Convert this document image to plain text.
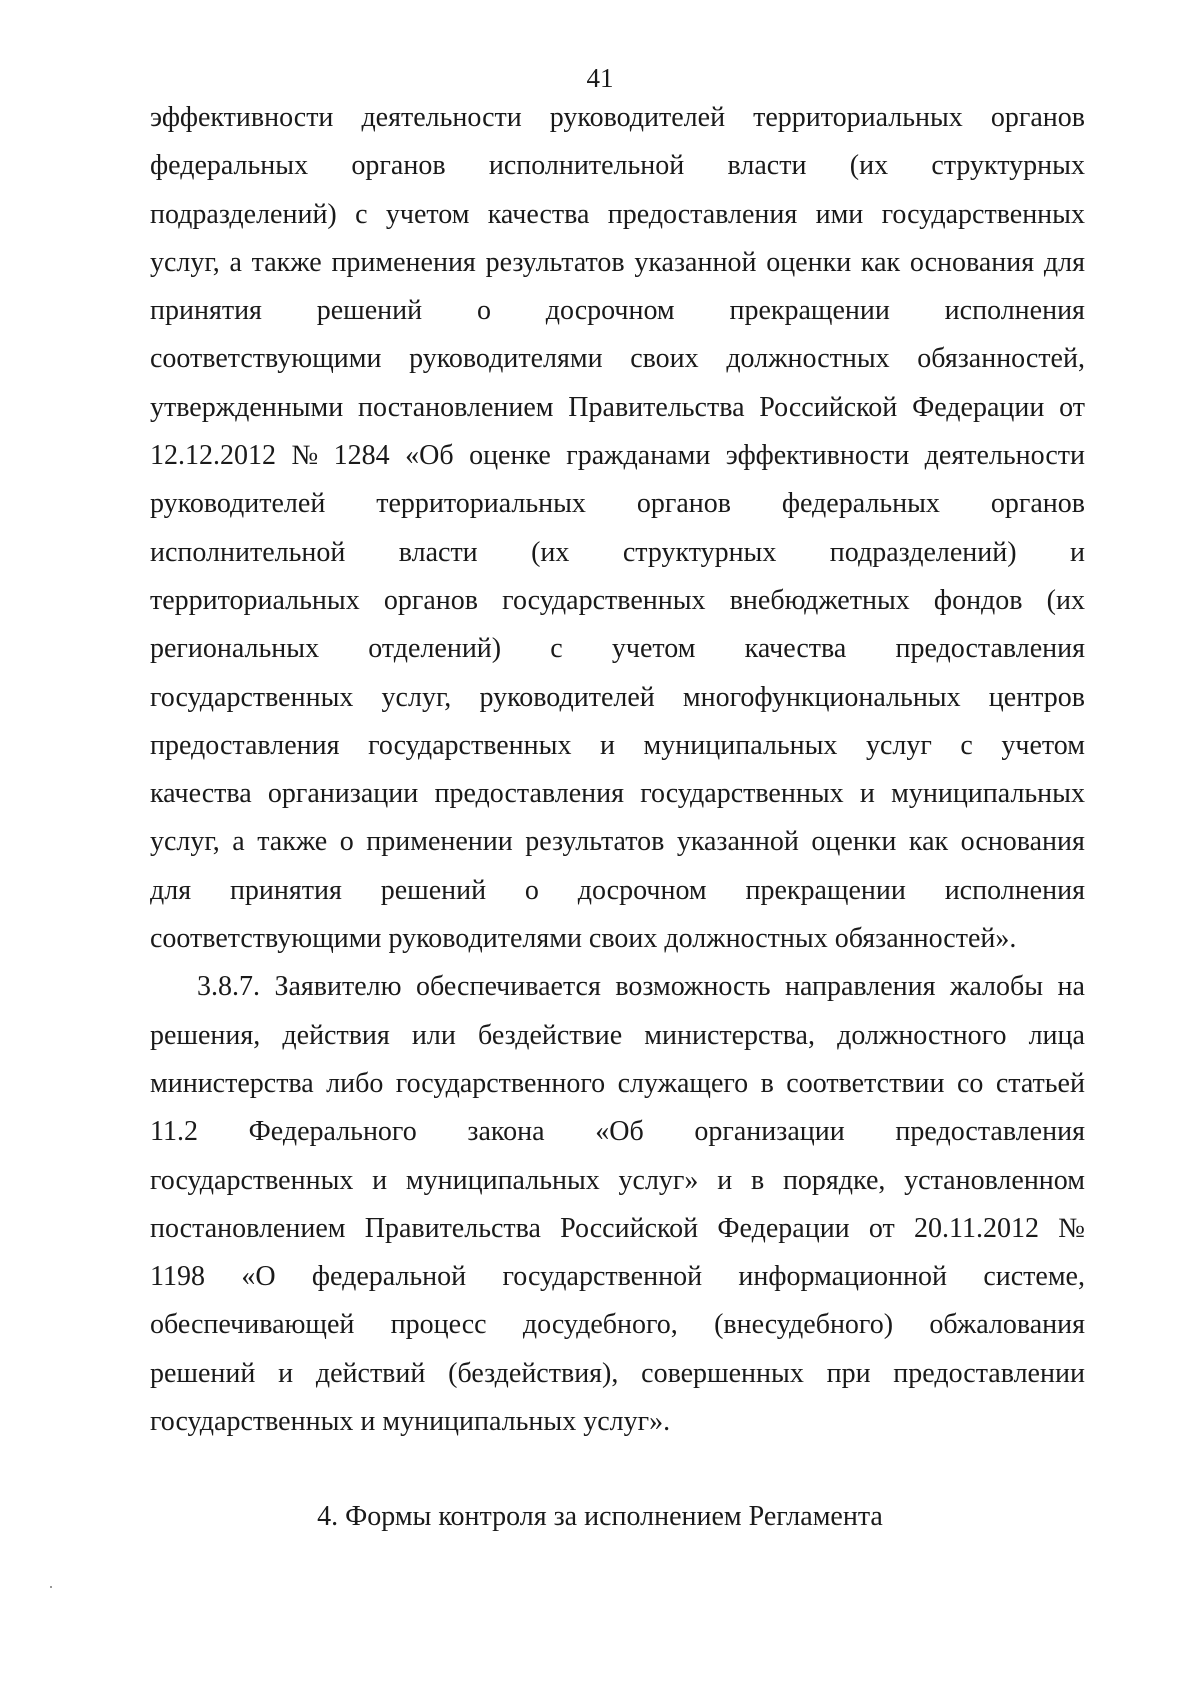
41
эффективности деятельности руководителей территориальных органов
федеральных органов исполнительной власти (их структурных
подразделений) с учетом качества предоставления ими государственных
услуг, а также применения результатов указанной оценки как основания для
принятия решений о досрочном прекращении исполнения
соответствующими руководителями своих должностных обязанностей,
утвержденными постановлением Правительства Российской Федерации от
12.12.2012 № 1284 «Об оценке гражданами эффективности деятельности
руководителей территориальных органов федеральных органов
исполнительной власти (их структурных подразделений) и
территориальных органов государственных внебюджетных фондов (их
региональных отделений) с учетом качества предоставления
государственных услуг, руководителей многофункциональных центров
предоставления государственных и муниципальных услуг с учетом
качества организации предоставления государственных и муниципальных
услуг, а также о применении результатов указанной оценки как основания
для принятия решений о досрочном прекращении исполнения
соответствующими руководителями своих должностных обязанностей».
3.8.7. Заявителю обеспечивается возможность направления жалобы на
решения, действия или бездействие министерства, должностного лица
министерства либо государственного служащего в соответствии со статьей
11.2 Федерального закона «Об организации предоставления
государственных и муниципальных услуг» и в порядке, установленном
постановлением Правительства Российской Федерации от 20.11.2012 №
1198 «О федеральной государственной информационной системе,
обеспечивающей процесс досудебного, (внесудебного) обжалования
решений и действий (бездействия), совершенных при предоставлении
государственных и муниципальных услуг».
4. Формы контроля за исполнением Регламента
